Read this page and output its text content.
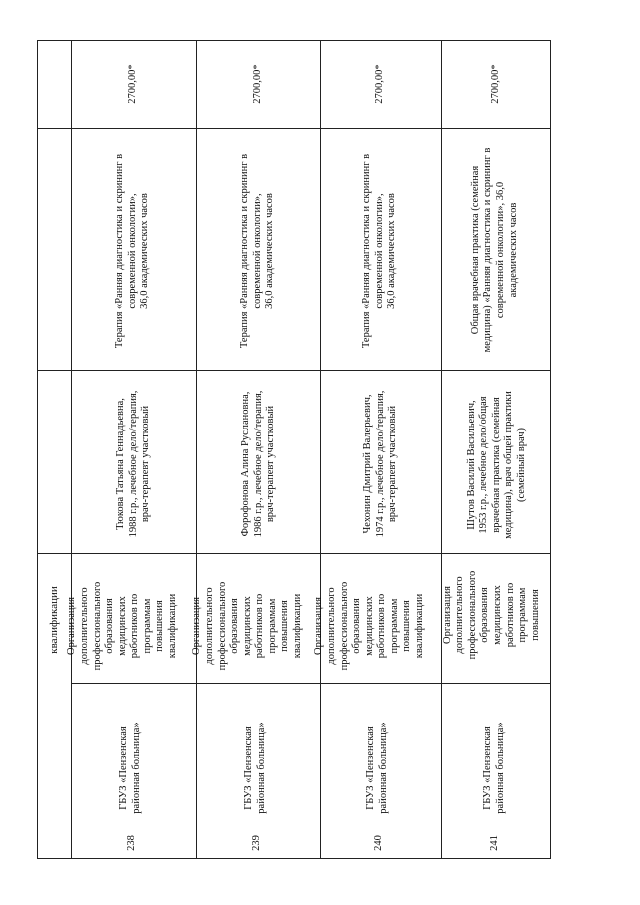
квалификации
2700,00*
Терапия «Ранняя диагностика и скрининг в современной онкологии», 36,0 академических часов
Тюкова Татьяна Геннадьевна, 1988 г.р., лечебное дело/терапия, врач-терапевт участковый
Организация дополнительного профессионального образования медицинских работников по программам повышения квалификации
ГБУЗ «Пензенская районная больница»
238
2700,00*
Терапия «Ранняя диагностика и скрининг в современной онкологии», 36,0 академических часов
Форофонова Алина Руслановна, 1986 г.р., лечебное дело/терапия, врач-терапевт участковый
Организация дополнительного профессионального образования медицинских работников по программам повышения квалификации
ГБУЗ «Пензенская районная больница»
239
2700,00*
Терапия «Ранняя диагностика и скрининг в современной онкологии», 36,0 академических часов
Чехонин Дмитрий Валерьевич, 1974 г.р., лечебное дело/терапия, врач-терапевт участковый
Организация дополнительного профессионального образования медицинских работников по программам повышения квалификации
ГБУЗ «Пензенская районная больница»
240
2700,00*
Общая врачебная практика (семейная медицина) «Ранняя диагностика и скрининг в современной онкологии», 36,0 академических часов
Шутов Василий Васильевич, 1953 г.р., лечебное дело/общая врачебная практика (семейная медицина), врач общей практики (семейный врач)
Организация дополнительного профессионального образования медицинских работников по программам повышения
ГБУЗ «Пензенская районная больница»
241
